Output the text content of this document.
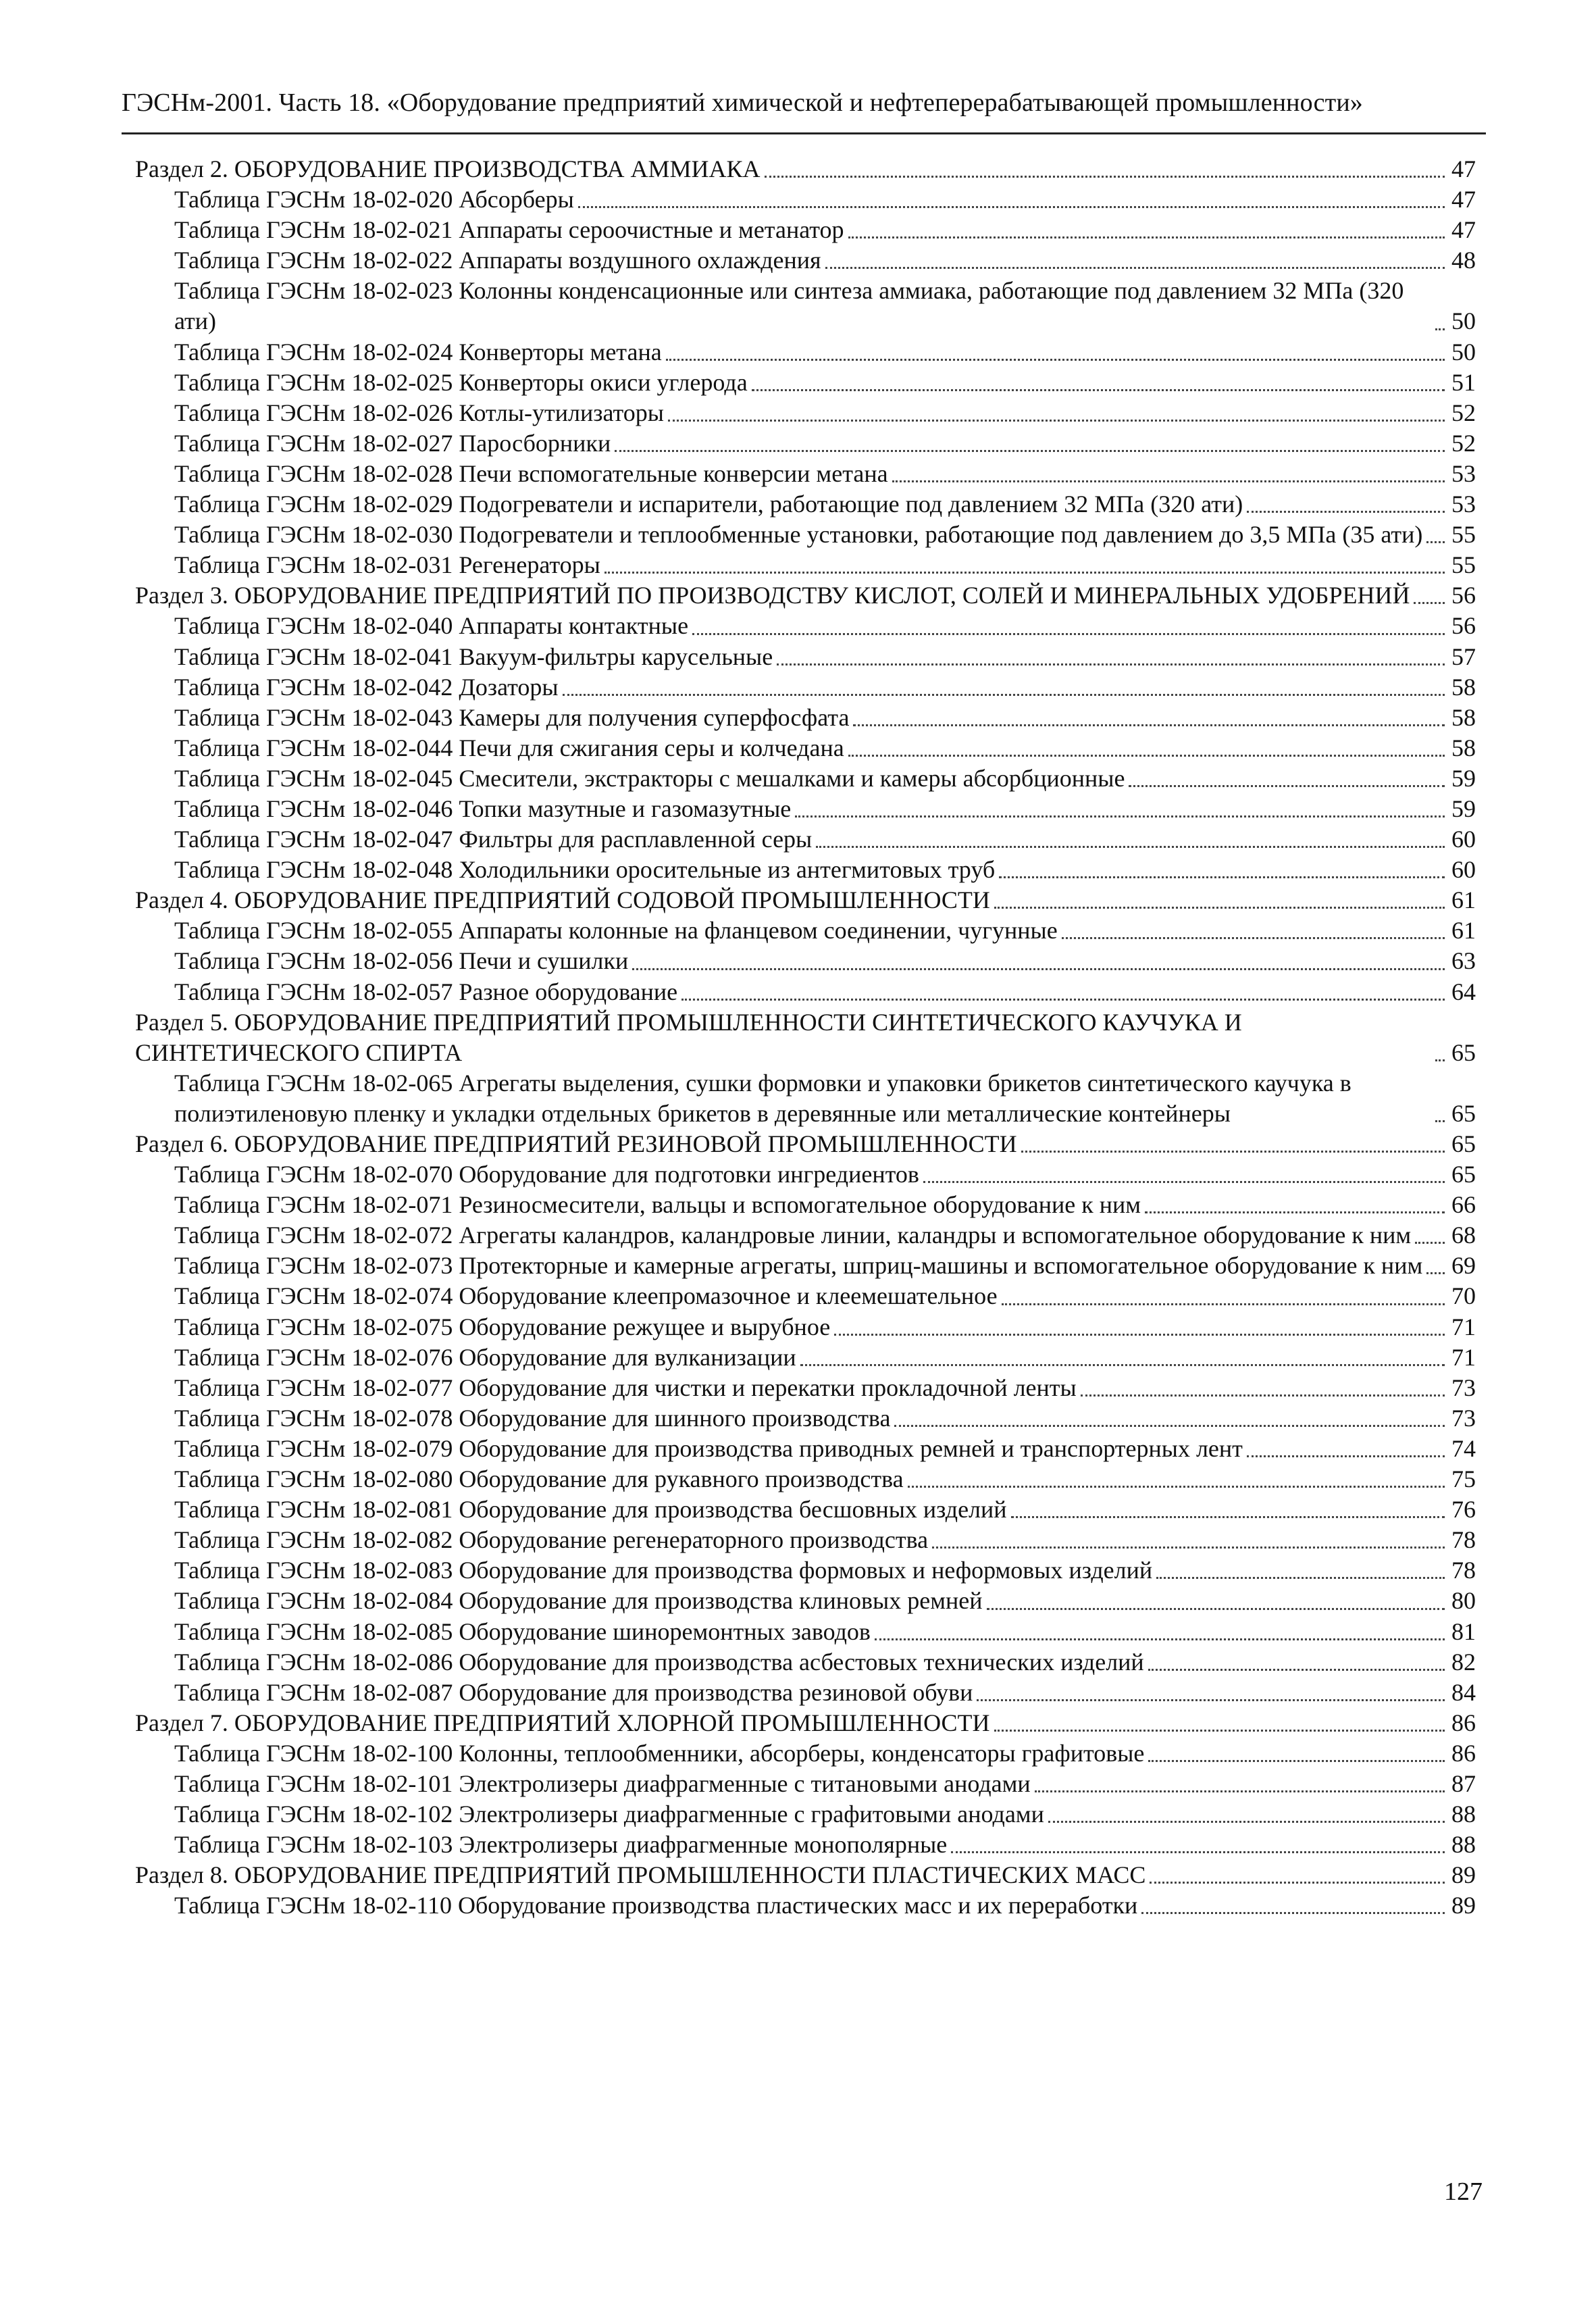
ГЭСНм-2001. Часть 18. «Оборудование предприятий химической и нефтеперерабатывающей промышленности»
Раздел 2. ОБОРУДОВАНИЕ ПРОИЗВОДСТВА АММИАКА	47
Таблица ГЭСНм 18-02-020 Абсорберы	47
Таблица ГЭСНм 18-02-021 Аппараты сероочистные и метанатор	47
Таблица ГЭСНм 18-02-022 Аппараты воздушного охлаждения	48
Таблица ГЭСНм 18-02-023 Колонны конденсационные или синтеза аммиака, работающие под давлением 32 МПа (320 ати)	50
Таблица ГЭСНм 18-02-024 Конверторы метана	50
Таблица ГЭСНм 18-02-025 Конверторы окиси углерода	51
Таблица ГЭСНм 18-02-026 Котлы-утилизаторы	52
Таблица ГЭСНм 18-02-027 Паросборники	52
Таблица ГЭСНм 18-02-028 Печи вспомогательные конверсии метана	53
Таблица ГЭСНм 18-02-029 Подогреватели и испарители, работающие под давлением 32 МПа (320 ати)	53
Таблица ГЭСНм 18-02-030 Подогреватели и теплообменные установки, работающие под давлением до 3,5 МПа (35 ати) 55
Таблица ГЭСНм 18-02-031 Регенераторы	55
Раздел 3. ОБОРУДОВАНИЕ ПРЕДПРИЯТИЙ ПО ПРОИЗВОДСТВУ КИСЛОТ, СОЛЕЙ И МИНЕРАЛЬНЫХ УДОБРЕНИЙ 56
Таблица ГЭСНм 18-02-040 Аппараты контактные	56
Таблица ГЭСНм 18-02-041 Вакуум-фильтры карусельные	57
Таблица ГЭСНм 18-02-042 Дозаторы	58
Таблица ГЭСНм 18-02-043 Камеры для получения суперфосфата	58
Таблица ГЭСНм 18-02-044 Печи для сжигания серы и колчедана	58
Таблица ГЭСНм 18-02-045 Смесители, экстракторы с мешалками и камеры абсорбционные	59
Таблица ГЭСНм 18-02-046 Топки мазутные и газомазутные	59
Таблица ГЭСНм 18-02-047 Фильтры для расплавленной серы	60
Таблица ГЭСНм 18-02-048 Холодильники оросительные из антегмитовых труб	60
Раздел 4. ОБОРУДОВАНИЕ ПРЕДПРИЯТИЙ СОДОВОЙ ПРОМЫШЛЕННОСТИ	61
Таблица ГЭСНм 18-02-055 Аппараты колонные на фланцевом соединении, чугунные	61
Таблица ГЭСНм 18-02-056 Печи и сушилки	63
Таблица ГЭСНм 18-02-057 Разное оборудование	64
Раздел 5. ОБОРУДОВАНИЕ ПРЕДПРИЯТИЙ ПРОМЫШЛЕННОСТИ СИНТЕТИЧЕСКОГО КАУЧУКА И СИНТЕТИЧЕСКОГО СПИРТА	65
Таблица ГЭСНм 18-02-065 Агрегаты выделения, сушки формовки и упаковки брикетов синтетического каучука в полиэтиленовую пленку и укладки отдельных брикетов в деревянные или металлические контейнеры	65
Раздел 6. ОБОРУДОВАНИЕ ПРЕДПРИЯТИЙ РЕЗИНОВОЙ ПРОМЫШЛЕННОСТИ	65
Таблица ГЭСНм 18-02-070 Оборудование для подготовки ингредиентов	65
Таблица ГЭСНм 18-02-071 Резиносмесители, вальцы и вспомогательное оборудование к ним	66
Таблица ГЭСНм 18-02-072 Агрегаты каландров, каландровые линии, каландры и вспомогательное оборудование к ним 68
Таблица ГЭСНм 18-02-073 Протекторные и камерные агрегаты, шприц-машины и вспомогательное оборудование к ним 69
Таблица ГЭСНм 18-02-074 Оборудование клеепромазочное и клеемешательное	70
Таблица ГЭСНм 18-02-075 Оборудование режущее и вырубное	71
Таблица ГЭСНм 18-02-076 Оборудование для вулканизации	71
Таблица ГЭСНм 18-02-077 Оборудование для чистки и перекатки прокладочной ленты	73
Таблица ГЭСНм 18-02-078 Оборудование для шинного производства	73
Таблица ГЭСНм 18-02-079 Оборудование для производства приводных ремней и транспортерных лент	74
Таблица ГЭСНм 18-02-080 Оборудование для рукавного производства	75
Таблица ГЭСНм 18-02-081 Оборудование для производства бесшовных изделий	76
Таблица ГЭСНм 18-02-082 Оборудование регенераторного производства	78
Таблица ГЭСНм 18-02-083 Оборудование для производства формовых и неформовых изделий	78
Таблица ГЭСНм 18-02-084 Оборудование для производства клиновых ремней	80
Таблица ГЭСНм 18-02-085 Оборудование шиноремонтных заводов	81
Таблица ГЭСНм 18-02-086 Оборудование для производства асбестовых технических изделий	82
Таблица ГЭСНм 18-02-087 Оборудование для производства резиновой обуви	84
Раздел 7. ОБОРУДОВАНИЕ ПРЕДПРИЯТИЙ ХЛОРНОЙ ПРОМЫШЛЕННОСТИ	86
Таблица ГЭСНм 18-02-100 Колонны, теплообменники, абсорберы, конденсаторы графитовые	86
Таблица ГЭСНм 18-02-101 Электролизеры диафрагменные с титановыми анодами	87
Таблица ГЭСНм 18-02-102 Электролизеры диафрагменные с графитовыми анодами	88
Таблица ГЭСНм 18-02-103 Электролизеры диафрагменные монополярные	88
Раздел 8. ОБОРУДОВАНИЕ ПРЕДПРИЯТИЙ ПРОМЫШЛЕННОСТИ ПЛАСТИЧЕСКИХ МАСС	89
Таблица ГЭСНм 18-02-110 Оборудование производства пластических масс и их переработки	89
127
